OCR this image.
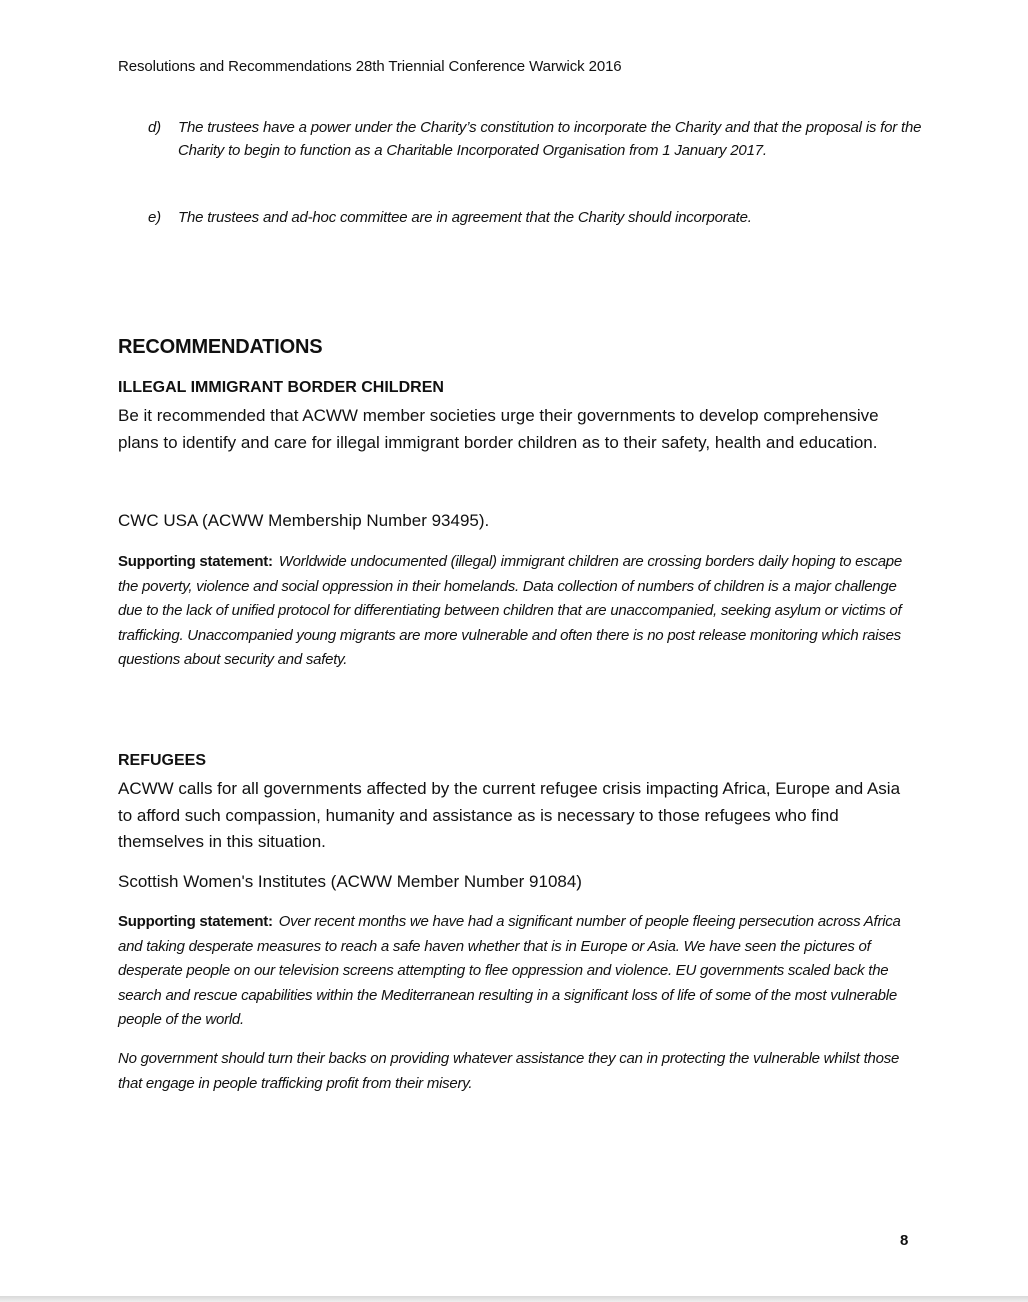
Resolutions and Recommendations 28th Triennial Conference Warwick 2016
d) The trustees have a power under the Charity’s constitution to incorporate the Charity and that the proposal is for the Charity to begin to function as a Charitable Incorporated Organisation from 1 January 2017.
e) The trustees and ad-hoc committee are in agreement that the Charity should incorporate.
RECOMMENDATIONS
ILLEGAL IMMIGRANT BORDER CHILDREN
Be it recommended that ACWW member societies urge their governments to develop comprehensive plans to identify and care for illegal immigrant border children as to their safety, health and education.
CWC USA (ACWW Membership Number 93495).
Supporting statement: Worldwide undocumented (illegal) immigrant children are crossing borders daily hoping to escape the poverty, violence and social oppression in their homelands. Data collection of numbers of children is a major challenge due to the lack of unified protocol for differentiating between children that are unaccompanied, seeking asylum or victims of trafficking. Unaccompanied young migrants are more vulnerable and often there is no post release monitoring which raises questions about security and safety.
REFUGEES
ACWW calls for all governments affected by the current refugee crisis impacting Africa, Europe and Asia to afford such compassion, humanity and assistance as is necessary to those refugees who find themselves in this situation.
Scottish Women's Institutes (ACWW Member Number 91084)
Supporting statement: Over recent months we have had a significant number of people fleeing persecution across Africa and taking desperate measures to reach a safe haven whether that is in Europe or Asia. We have seen the pictures of desperate people on our television screens attempting to flee oppression and violence. EU governments scaled back the search and rescue capabilities within the Mediterranean resulting in a significant loss of life of some of the most vulnerable people of the world.
No government should turn their backs on providing whatever assistance they can in protecting the vulnerable whilst those that engage in people trafficking profit from their misery.
8
